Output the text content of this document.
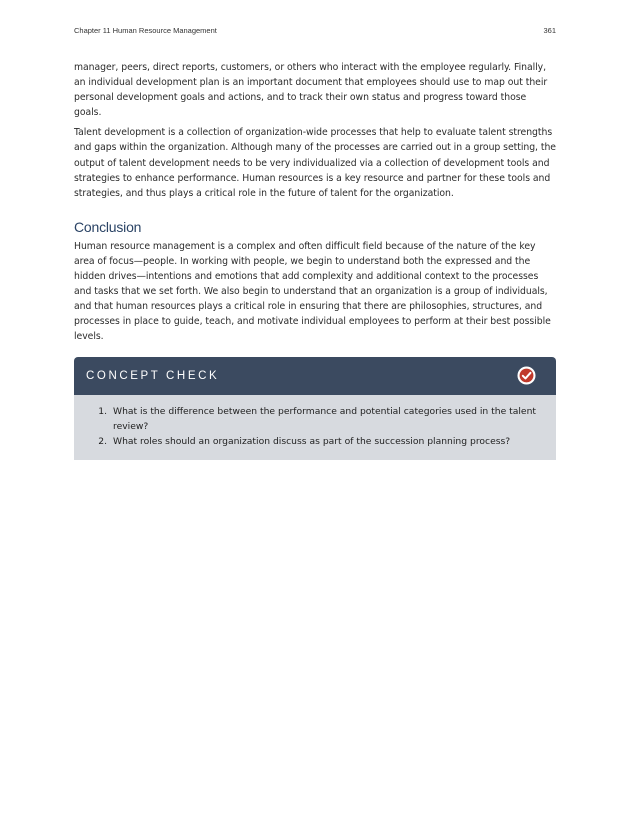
Chapter 11 Human Resource Management	361

manager, peers, direct reports, customers, or others who interact with the employee regularly. Finally, an individual development plan is an important document that employees should use to map out their personal development goals and actions, and to track their own status and progress toward those goals.

Talent development is a collection of organization-wide processes that help to evaluate talent strengths and gaps within the organization. Although many of the processes are carried out in a group setting, the output of talent development needs to be very individualized via a collection of development tools and strategies to enhance performance. Human resources is a key resource and partner for these tools and strategies, and thus plays a critical role in the future of talent for the organization.

Conclusion

Human resource management is a complex and often difficult field because of the nature of the key area of focus—people. In working with people, we begin to understand both the expressed and the hidden drives—intentions and emotions that add complexity and additional context to the processes and tasks that we set forth. We also begin to understand that an organization is a group of individuals, and that human resources plays a critical role in ensuring that there are philosophies, structures, and processes in place to guide, teach, and motivate individual employees to perform at their best possible levels.

CONCEPT CHECK
1. What is the difference between the performance and potential categories used in the talent review?
2. What roles should an organization discuss as part of the succession planning process?
